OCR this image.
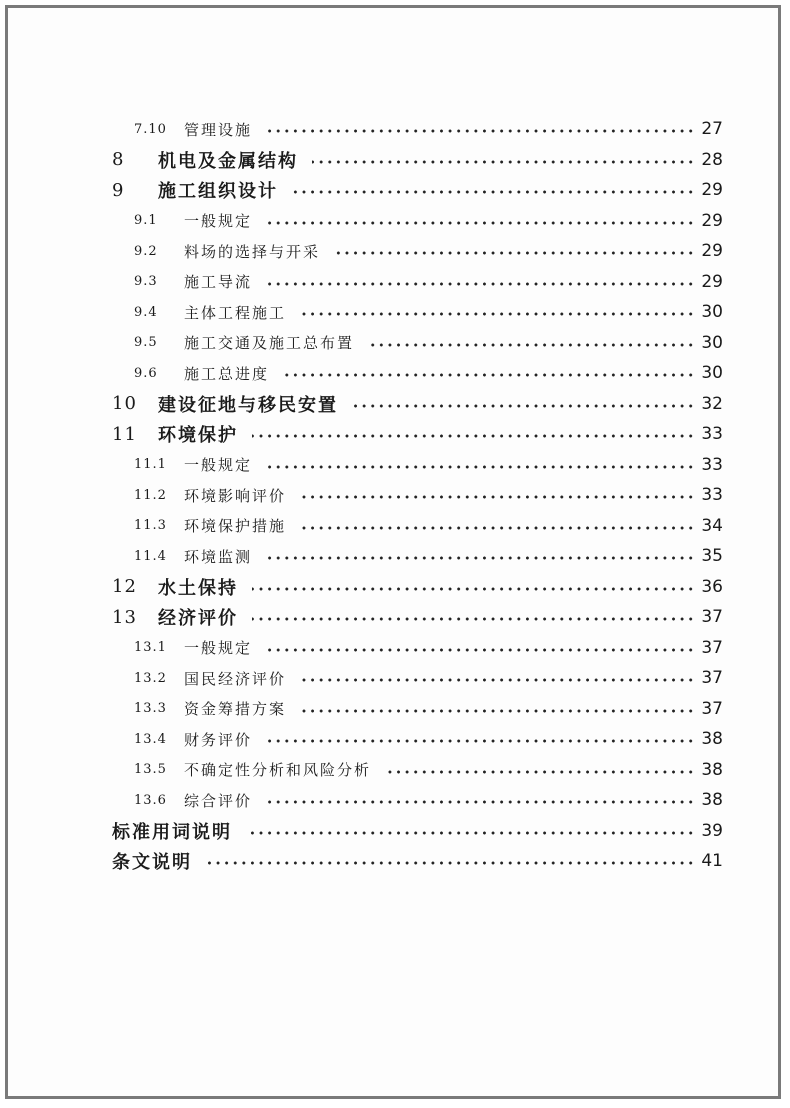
7.10 管理设施	27
8 机电及金属结构	28
9 施工组织设计	29
9.1 一般规定	29
9.2 料场的选择与开采	29
9.3 施工导流	29
9.4 主体工程施工	30
9.5 施工交通及施工总布置	30
9.6 施工总进度	30
10 建设征地与移民安置	32
11 环境保护	33
11.1 一般规定	33
11.2 环境影响评价	33
11.3 环境保护措施	34
11.4 环境监测	35
12 水土保持	36
13 经济评价	37
13.1 一般规定	37
13.2 国民经济评价	37
13.3 资金筹措方案	37
13.4 财务评价	38
13.5 不确定性分析和风险分析	38
13.6 综合评价	38
标准用词说明	39
条文说明	41
